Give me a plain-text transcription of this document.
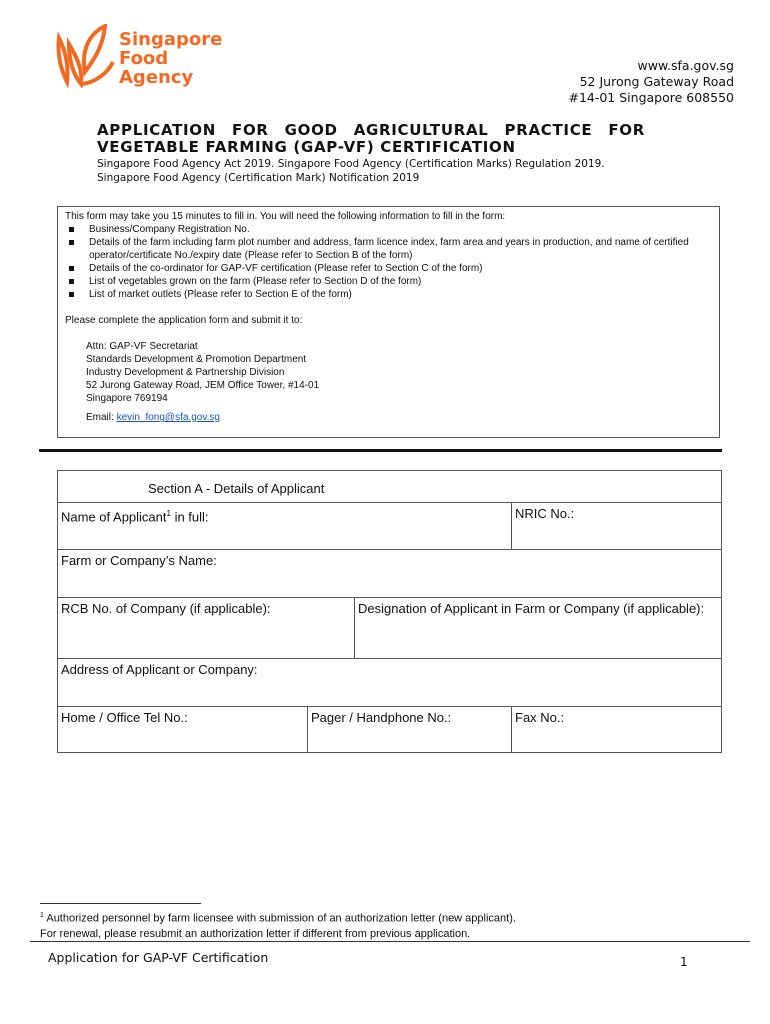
Singapore
Food
Agency
www.sfa.gov.sg
52 Jurong Gateway Road
#14-01 Singapore 608550
APPLICATION FOR GOOD AGRICULTURAL PRACTICE FOR
VEGETABLE FARMING (GAP-VF) CERTIFICATION
Singapore Food Agency Act 2019. Singapore Food Agency (Certification Marks) Regulation 2019.
Singapore Food Agency (Certification Mark) Notification 2019

This form may take you 15 minutes to fill in. You will need the following information to fill in the form:

Business/Company Registration No.
Details of the farm including farm plot number and address, farm licence index, farm area and years in production, and name of certified operator/certificate No./expiry date (Please refer to Section B of the form)
Details of the co-ordinator for GAP-VF certification (Please refer to Section C of the form)
List of vegetables grown on the farm (Please refer to Section D of the form)
List of market outlets (Please refer to Section E of the form)

Please complete the application form and submit it to:

Attn: GAP-VF Secretariat
Standards Development & Promotion Department
Industry Development & Partnership Division
52 Jurong Gateway Road, JEM Office Tower, #14-01
Singapore 769194
Email: kevin_fong@sfa.gov.sg
Section A - Details of Applicant
Name of Applicant$^1$ in full:	NRIC No.:
Farm or Company’s Name:
RCB No. of Company (if applicable):	Designation of Applicant in Farm or Company (if applicable):
Address of Applicant or Company:
Home / Office Tel No.:	Pager / Handphone No.:	Fax No.:
$^1$ Authorized personnel by farm licensee with submission of an authorization letter (new applicant).
For renewal, please resubmit an authorization letter if different from previous application.
Application for GAP-VF Certification	1
